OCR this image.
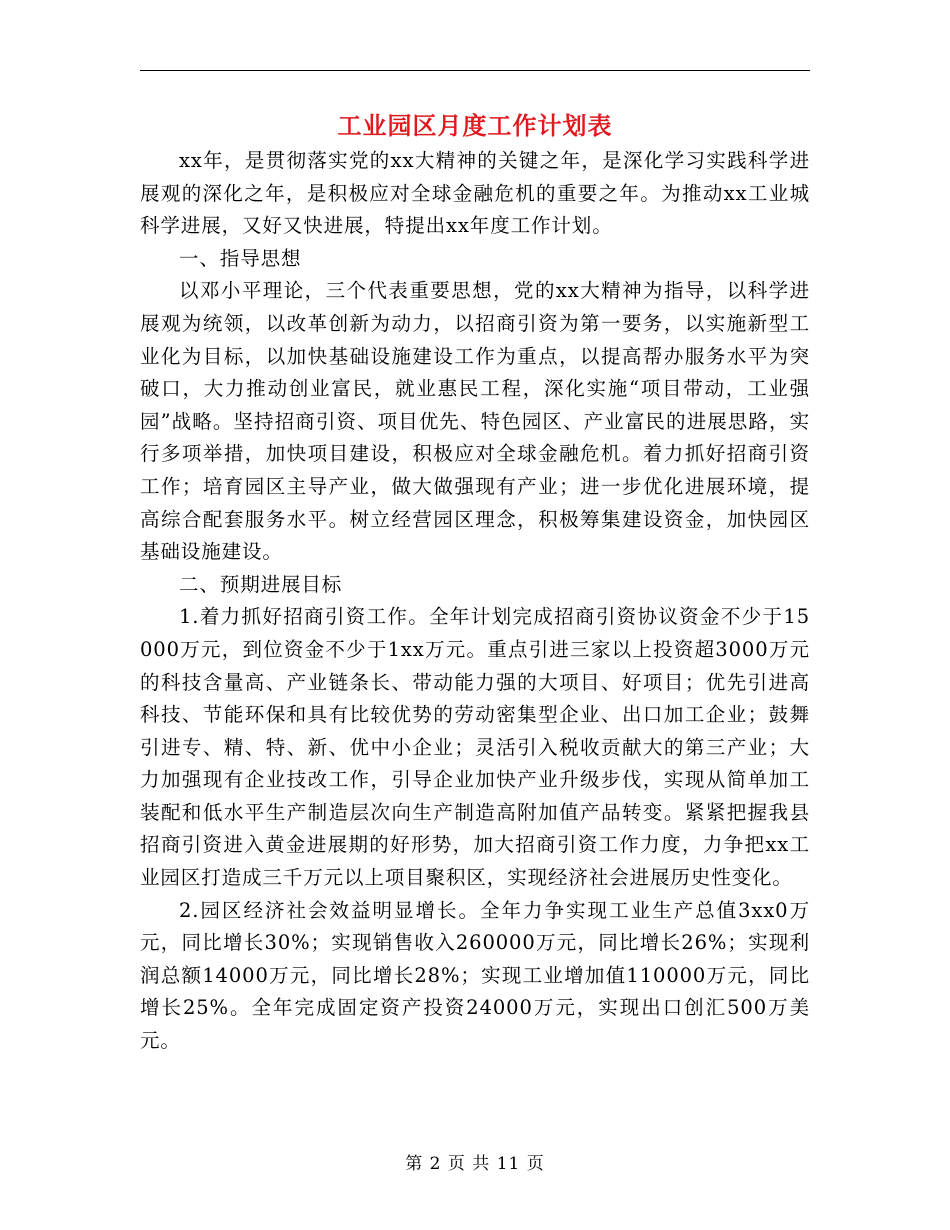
工业园区月度工作计划表

xx年，是贯彻落实党的xx大精神的关键之年，是深化学习实践科学进展观的深化之年，是积极应对全球金融危机的重要之年。为推动xx工业城科学进展，又好又快进展，特提出xx年度工作计划。

一、指导思想

以邓小平理论，三个代表重要思想，党的xx大精神为指导，以科学进展观为统领，以改革创新为动力，以招商引资为第一要务，以实施新型工业化为目标，以加快基础设施建设工作为重点，以提高帮办服务水平为突破口，大力推动创业富民，就业惠民工程，深化实施“项目带动，工业强园”战略。坚持招商引资、项目优先、特色园区、产业富民的进展思路，实行多项举措，加快项目建设，积极应对全球金融危机。着力抓好招商引资工作；培育园区主导产业，做大做强现有产业；进一步优化进展环境，提高综合配套服务水平。树立经营园区理念，积极筹集建设资金，加快园区基础设施建设。

二、预期进展目标

1.着力抓好招商引资工作。全年计划完成招商引资协议资金不少于15000万元，到位资金不少于1xx万元。重点引进三家以上投资超3000万元的科技含量高、产业链条长、带动能力强的大项目、好项目；优先引进高科技、节能环保和具有比较优势的劳动密集型企业、出口加工企业；鼓舞引进专、精、特、新、优中小企业；灵活引入税收贡献大的第三产业；大力加强现有企业技改工作，引导企业加快产业升级步伐，实现从简单加工装配和低水平生产制造层次向生产制造高附加值产品转变。紧紧把握我县招商引资进入黄金进展期的好形势，加大招商引资工作力度，力争把xx工业园区打造成三千万元以上项目聚积区，实现经济社会进展历史性变化。

2.园区经济社会效益明显增长。全年力争实现工业生产总值3xx0万元，同比增长30%；实现销售收入260000万元，同比增长26%；实现利润总额14000万元，同比增长28%；实现工业增加值110000万元，同比增长25%。全年完成固定资产投资24000万元，实现出口创汇500万美元。

第 2 页 共 11 页
